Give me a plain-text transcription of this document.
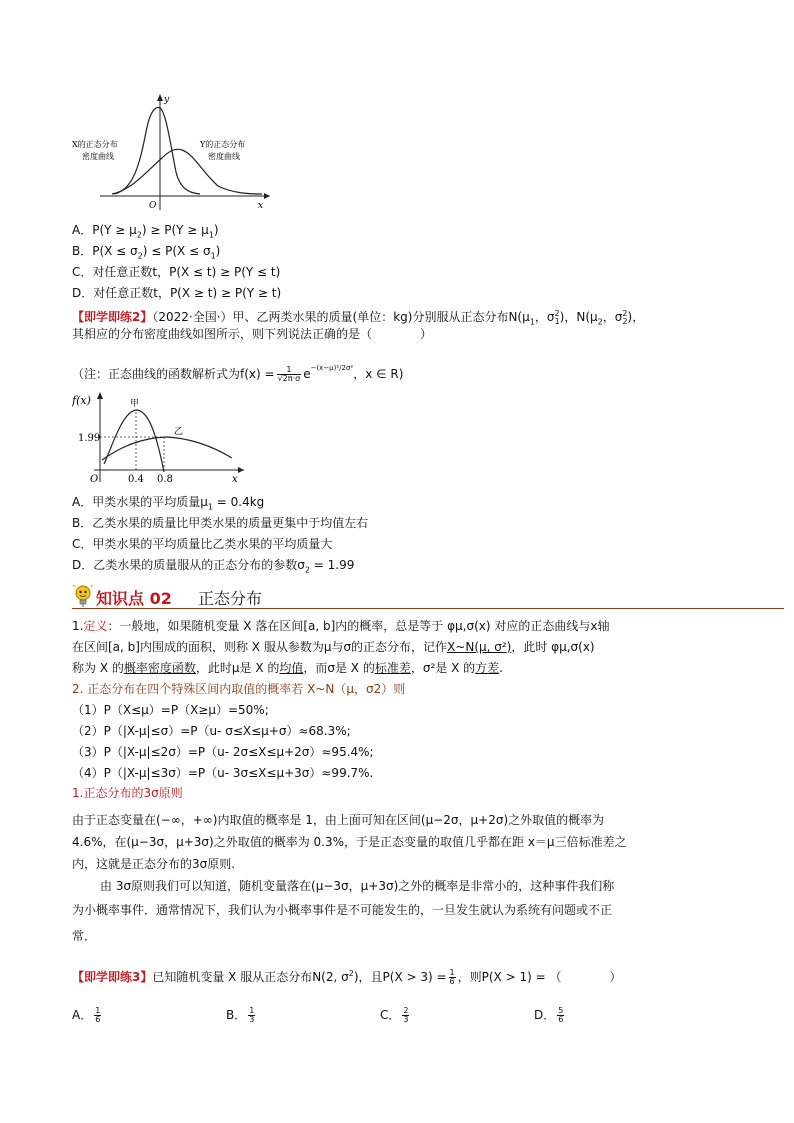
y
x
O
X的正态分布
密度曲线
Y的正态分布
密度曲线
A．$P(Y \ge \mu_2) \ge P(Y \ge \mu_1)$
B．$P(X \le \sigma_2) \le P(X \le \sigma_1)$
C．对任意正数t，P(X ≤ t) ≥ P(Y ≤ t)
D．对任意正数t，P(X ≥ t) ≥ P(Y ≥ t)
【即学即练2】（2022·全国·）甲、乙两类水果的质量(单位：kg)分别服从正态分布$N(\mu_1$，$\sigma^2_1$)，$N(\mu_2$，$\sigma^2_2$)，
其相应的分布密度曲线如图所示，则下列说法正确的是（　　　　）
（注：正态曲线的函数解析式为$f(x) = \frac{1}{√2\pi\cdot\sigma} e^{-(x-\mu)^2/2\sigma^2}$，x ∈ R)
f(x)
x
O
甲
乙
1.99
0.4 0.8
A．甲类水果的平均质量$\mu_1 = 0.4kg$
B．乙类水果的质量比甲类水果的质量更集中于均值左右
C．甲类水果的平均质量比乙类水果的平均质量大
D．乙类水果的质量服从的正态分布的参数$\sigma_2 = 1.99$
知识点 02 正态分布
1.定义：一般地，如果随机变量 X 落在区间[a, b]内的概率，总是等于 φμ,σ(x) 对应的正态曲线与x轴
在区间[a, b]内围成的面积，则称 X 服从参数为μ与σ的正态分布，记作X~N(μ, σ²)，此时 φμ,σ(x)
称为 X 的概率密度函数，此时μ是 X 的均值，而σ是 X 的标准差，σ²是 X 的方差.
2. 正态分布在四个特殊区间内取值的概率若 X~N（μ，σ2）则
（1）P（X≤μ）=P（X≥μ）=50%;
（2）P（|X-μ|≤σ）=P（u- σ≤X≤μ+σ）≈68.3%;
（3）P（|X-μ|≤2σ）=P（u- 2σ≤X≤μ+2σ）≈95.4%;
（4）P（|X-μ|≤3σ）=P（u- 3σ≤X≤μ+3σ）≈99.7%.
1.正态分布的3σ原则
由于正态变量在(−∞，+∞)内取值的概率是 1，由上面可知在区间(μ−2σ，μ+2σ)之外取值的概率为
4.6%，在(μ−3σ，μ+3σ)之外取值的概率为 0.3%，于是正态变量的取值几乎都在距 x＝μ三倍标准差之
内，这就是正态分布的3σ原则.
由 3σ原则我们可以知道，随机变量落在(μ−3σ，μ+3σ)之外的概率是非常小的，这种事件我们称
为小概率事件．通常情况下，我们认为小概率事件是不可能发生的，一旦发生就认为系统有问题或不正
常．
【即学即练3】已知随机变量 X 服从正态分布N(2, $\sigma^2$)，且$P(X > 3) = \frac{1}{6}$ ，则P(X > 1) = （　　　　）
A． $\frac{1}{6}$	B． $\frac{1}{3}$	C． $\frac{2}{3}$	D． $\frac{5}{6}$
